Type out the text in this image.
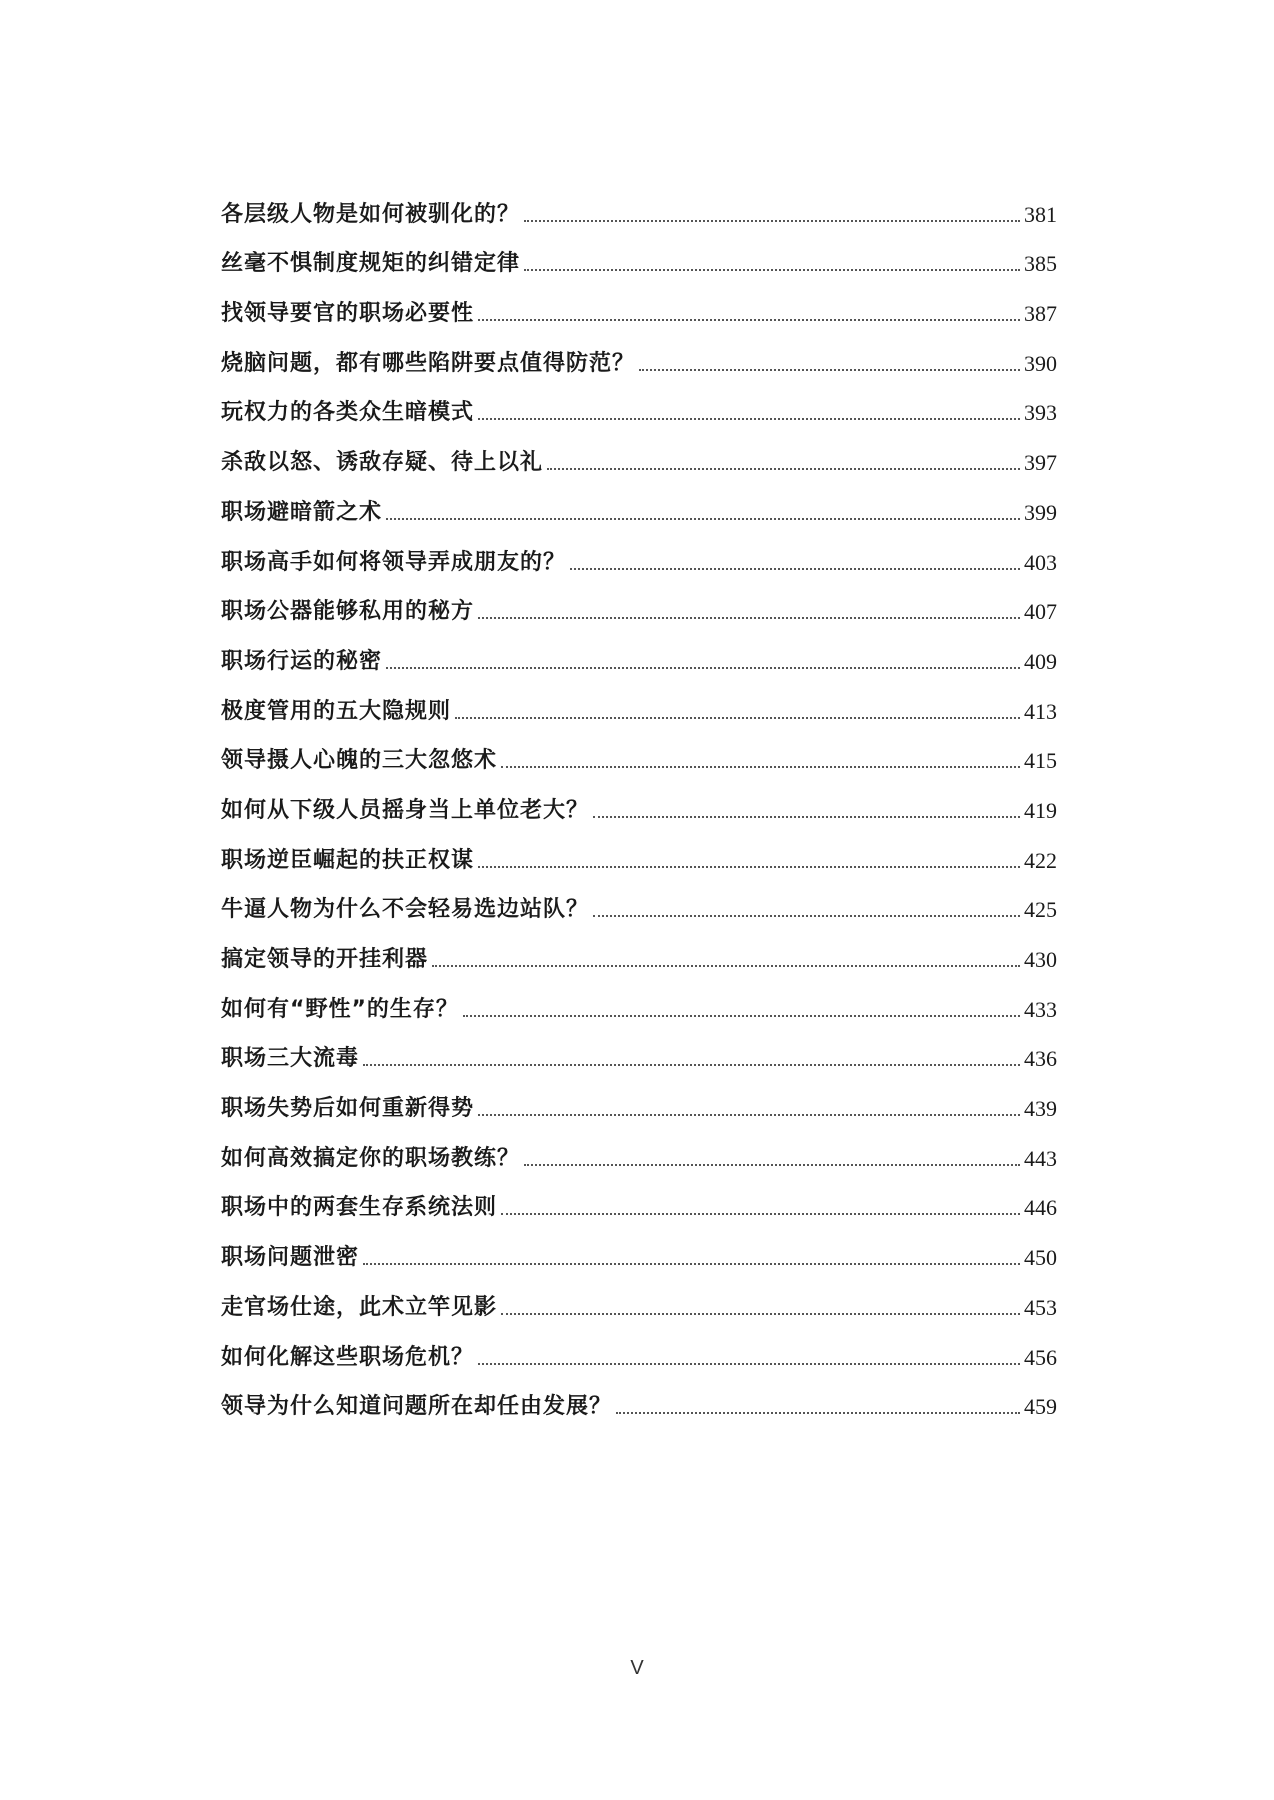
各层级人物是如何被驯化的？	381
丝毫不惧制度规矩的纠错定律	385
找领导要官的职场必要性	387
烧脑问题，都有哪些陷阱要点值得防范？	390
玩权力的各类众生暗模式	393
杀敌以怒、诱敌存疑、待上以礼	397
职场避暗箭之术	399
职场高手如何将领导弄成朋友的？	403
职场公器能够私用的秘方	407
职场行运的秘密	409
极度管用的五大隐规则	413
领导摄人心魄的三大忽悠术	415
如何从下级人员摇身当上单位老大？	419
职场逆臣崛起的扶正权谋	422
牛逼人物为什么不会轻易选边站队？	425
搞定领导的开挂利器	430
如何有“野性”的生存？	433
职场三大流毒	436
职场失势后如何重新得势	439
如何高效搞定你的职场教练？	443
职场中的两套生存系统法则	446
职场问题泄密	450
走官场仕途，此术立竿见影	453
如何化解这些职场危机？	456
领导为什么知道问题所在却任由发展？	459
V
